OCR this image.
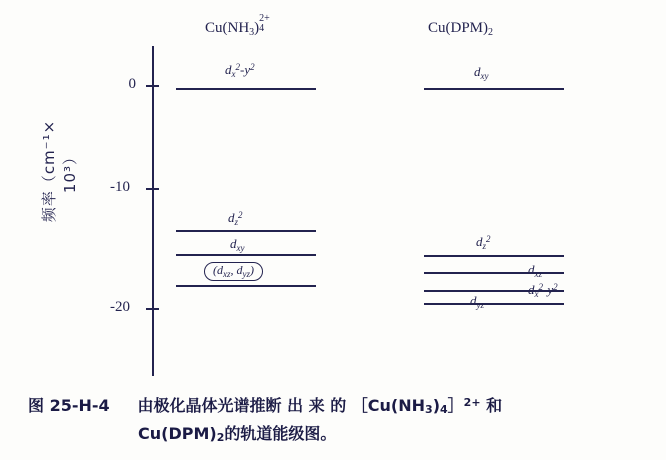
0
-10
-20
频率（cm⁻¹× 10³）
$Cu(NH_3)$
2+
4	$Cu(DPM)_2$
$d_x^2-y^2$
$d_z^2$
$d_{xy}$
($d_{xz}$, $d_{yz}$)
$d_{xy}$
$d_z^2$
$d_{xz}$
$d_x^2-y^2$
$d_{yz}$
图 25-H-4 由极化晶体光谱推断 出 来 的 ［Cu(NH3)4］$^{2+}$ 和
Cu(DPM)2的轨道能级图。
